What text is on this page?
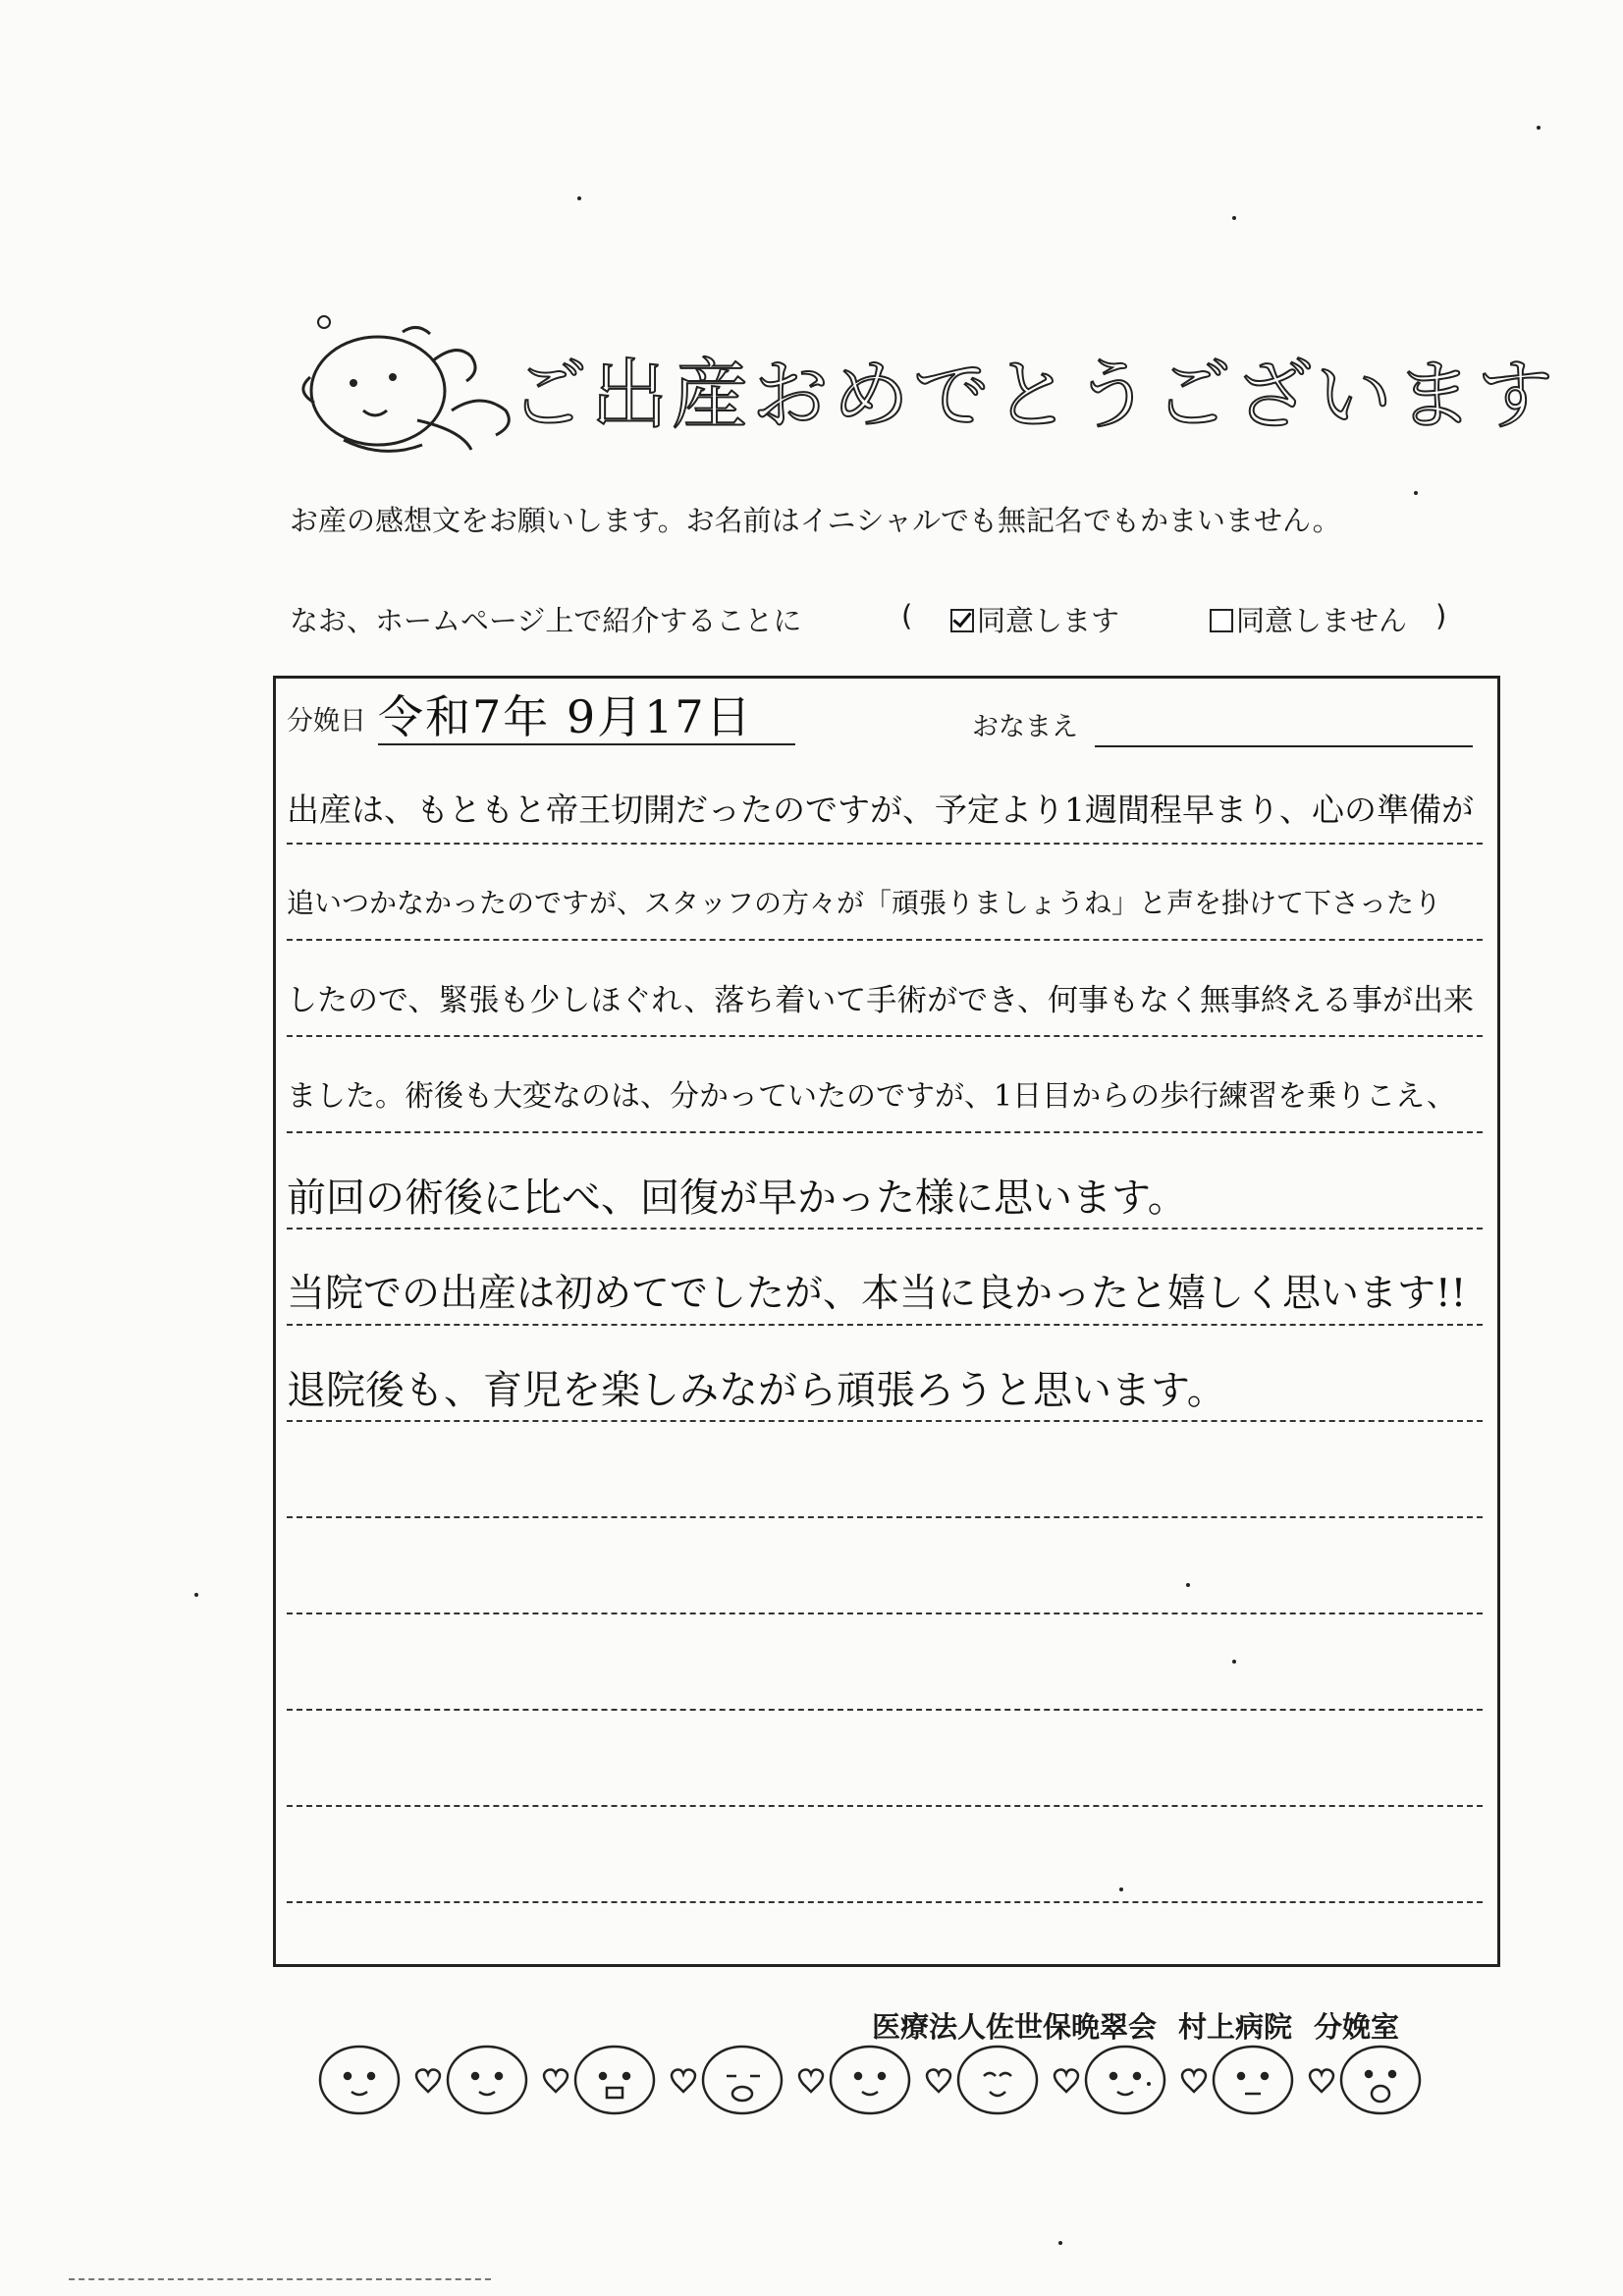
ご出産おめでとうございます
お産の感想文をお願いします。お名前はイニシャルでも無記名でもかまいません。
なお、ホームページ上で紹介することに	(	同意します	同意しません )
分娩日 令和7年 9月17日	おなまえ
出産は、もともと帝王切開だったのですが、予定より1週間程早まり、心の準備が
追いつかなかったのですが、スタッフの方々が「頑張りましょうね」と声を掛けて下さったり
したので、緊張も少しほぐれ、落ち着いて手術ができ、何事もなく無事終える事が出来
ました。術後も大変なのは、分かっていたのですが、1日目からの歩行練習を乗りこえ、
前回の術後に比べ、回復が早かった様に思います。
当院での出産は初めてでしたが、本当に良かったと嬉しく思います!!
退院後も、育児を楽しみながら頑張ろうと思います。
医療法人佐世保晩翠会 村上病院 分娩室
